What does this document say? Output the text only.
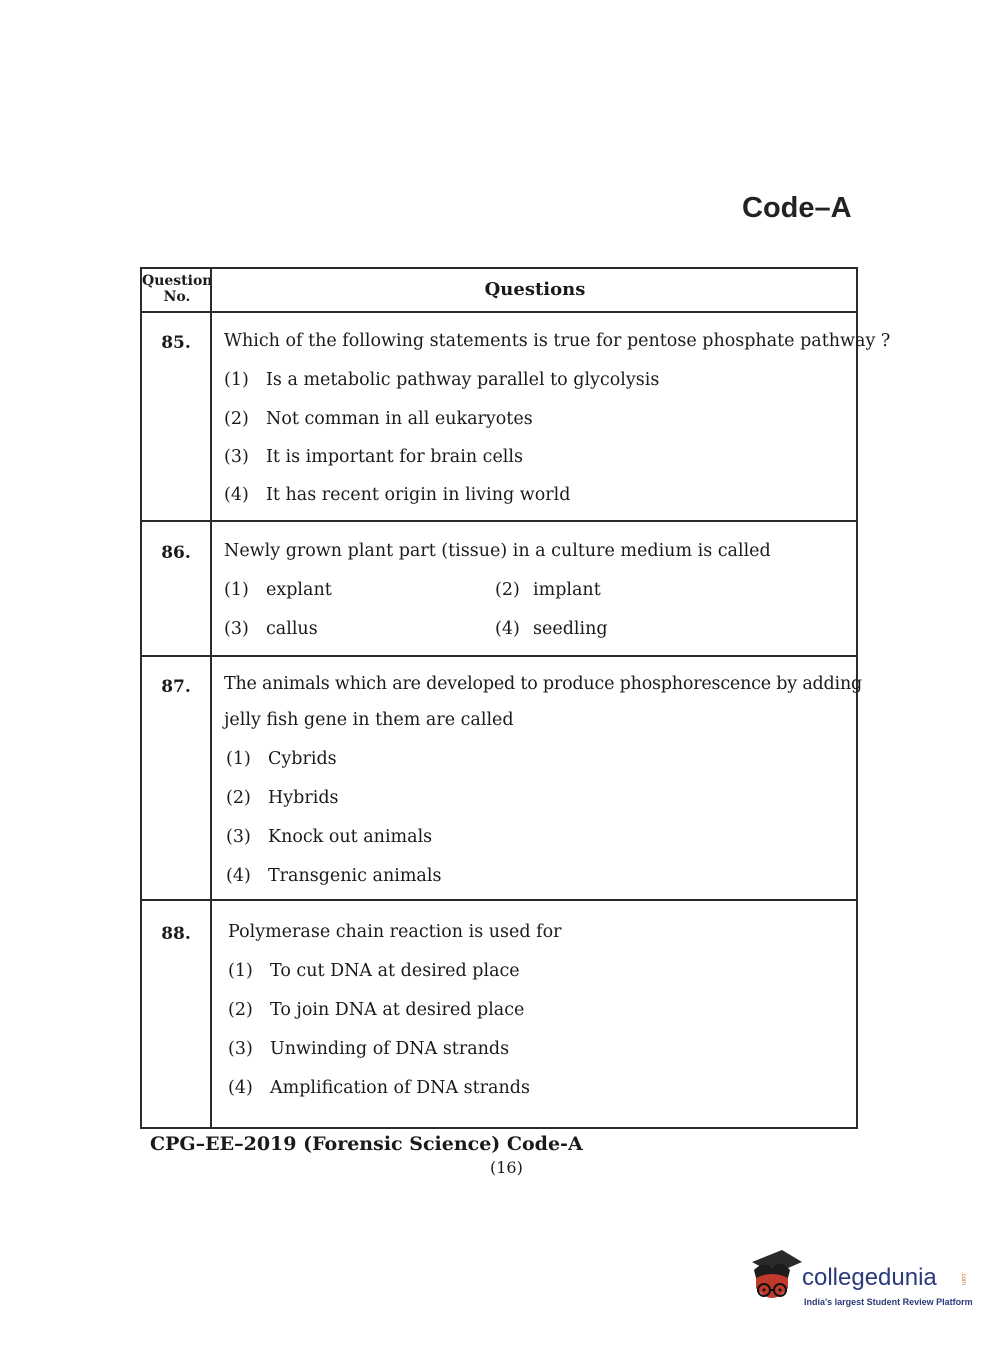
Code–A
Question
No.	Questions
85.	Which of the following statements is true for pentose phosphate pathway ?
(1) Is a metabolic pathway parallel to glycolysis
(2) Not comman in all eukaryotes
(3) It is important for brain cells
(4) It has recent origin in living world
86.	Newly grown plant part (tissue) in a culture medium is called
(1) explant	(2) implant
(3) callus	(4) seedling
87.	The animals which are developed to produce phosphorescence by adding
jelly fish gene in them are called
(1) Cybrids
(2) Hybrids
(3) Knock out animals
(4) Transgenic animals
88.	Polymerase chain reaction is used for
(1) To cut DNA at desired place
(2) To join DNA at desired place
(3) Unwinding of DNA strands
(4) Amplification of DNA strands
CPG–EE–2019 (Forensic Science) Code-A
(16)
collegedunia	.com
India's largest Student Review Platform
